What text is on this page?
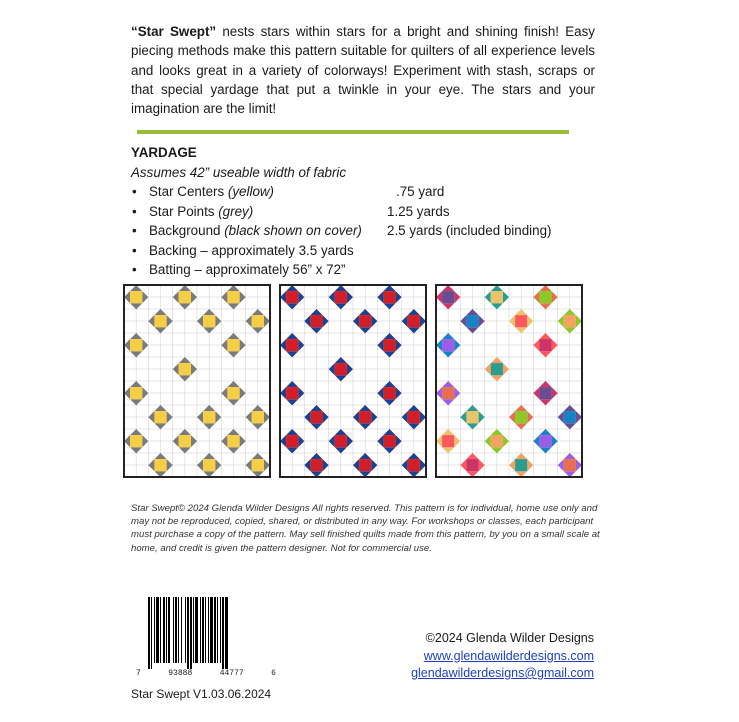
“Star Swept” nests stars within stars for a bright and shining finish! Easy piecing methods make this pattern suitable for quilters of all experience levels and looks great in a variety of colorways! Experiment with stash, scraps or that special yardage that put a twinkle in your eye. The stars and your imagination are the limit!
YARDAGE
Assumes 42” useable width of fabric
• Star Centers (yellow)	.75 yard
• Star Points (grey)	1.25 yards
• Background (black shown on cover) 2.5 yards (included binding)
• Backing – approximately 3.5 yards
• Batting – approximately 56” x 72”
Star Swept© 2024 Glenda Wilder Designs All rights reserved. This pattern is for individual, home use only and may not be reproduced, copied, shared, or distributed in any way. For workshops or classes, each participant must purchase a copy of the pattern. May sell finished quilts made from this pattern, by you on a small scale at home, and credit is given the pattern designer. Not for commercial use.
7	93888	44777	6
Star Swept V1.03.06.2024
©2024 Glenda Wilder Designs
www.glendawilderdesigns.com
glendawilderdesigns@gmail.com
